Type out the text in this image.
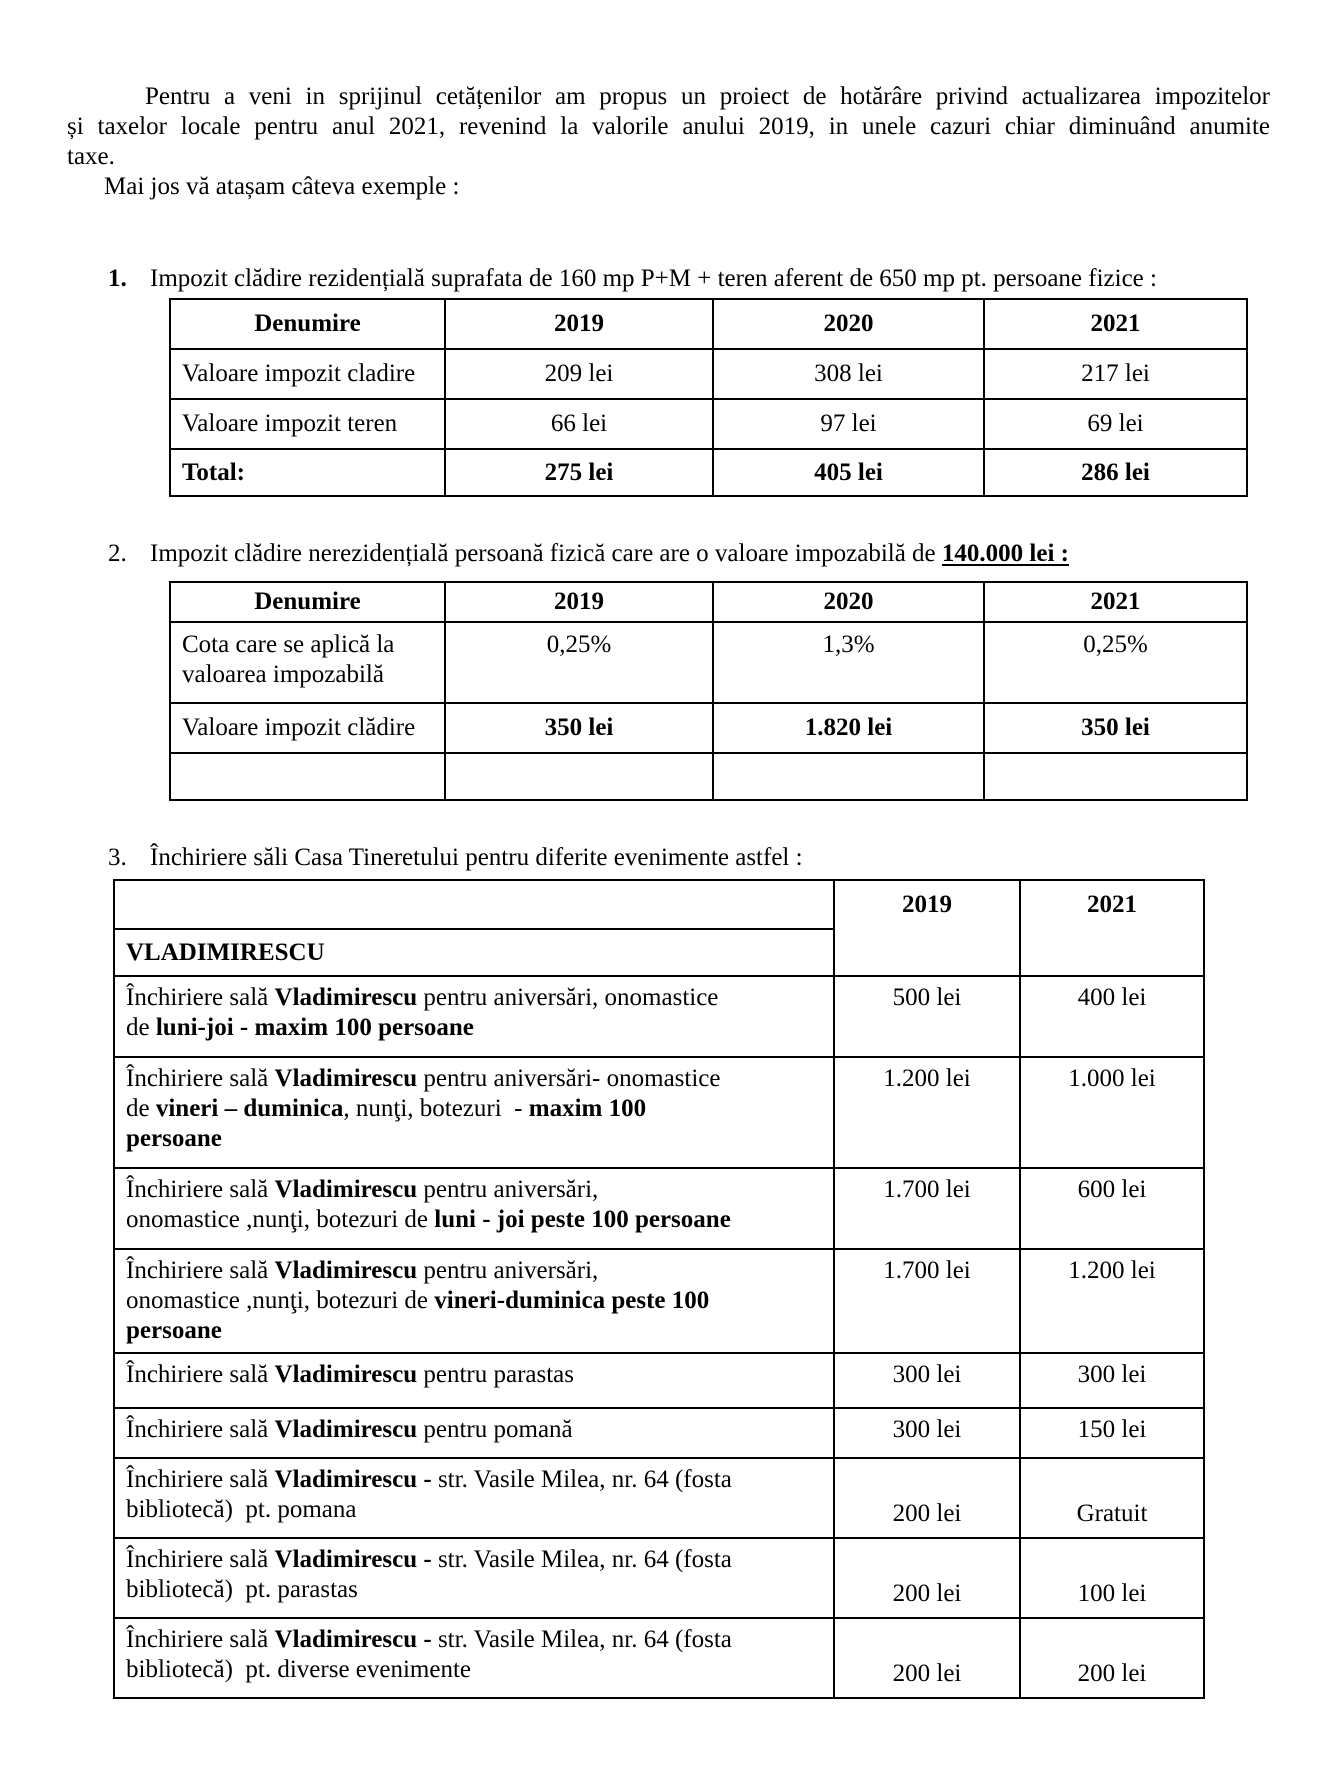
Pentru a veni in sprijinul cetățenilor am propus un proiect de hotărâre privind actualizarea impozitelor
și taxelor locale pentru anul 2021, revenind la valorile anului 2019, in unele cazuri chiar diminuând anumite
taxe.
Mai jos vă atașam câteva exemple :
1. Impozit clădire rezidențială suprafata de 160 mp P+M + teren aferent de 650 mp pt. persoane fizice :
Denumire	2019	2020	2021
Valoare impozit cladire	209 lei	308 lei	217 lei
Valoare impozit teren	66 lei	97 lei	69 lei
Total:	275 lei	405 lei	286 lei
2. Impozit clădire nerezidențială persoană fizică care are o valoare impozabilă de 140.000 lei :
Denumire	2019	2020	2021
Cota care se aplică la valoarea impozabilă	0,25%	1,3%	0,25%
Valoare impozit clădire	350 lei	1.820 lei	350 lei

3. Închiriere săli Casa Tineretului pentru diferite evenimente astfel :
	2019	2021
VLADIMIRESCU		
Închiriere sală Vladimirescu pentru aniversări, onomastice
de luni-joi - maxim 100 persoane	500 lei	400 lei
Închiriere sală Vladimirescu pentru aniversări- onomastice
de vineri – duminica, nunţi, botezuri  - maxim 100
persoane	1.200 lei	1.000 lei
Închiriere sală Vladimirescu pentru aniversări,
onomastice ,nunţi, botezuri de luni - joi peste 100 persoane	1.700 lei	600 lei
Închiriere sală Vladimirescu pentru aniversări,
onomastice ,nunţi, botezuri de vineri-duminica peste 100
persoane	1.700 lei	1.200 lei
Închiriere sală Vladimirescu pentru parastas	300 lei	300 lei
Închiriere sală Vladimirescu pentru pomană	300 lei	150 lei
Închiriere sală Vladimirescu - str. Vasile Milea, nr. 64 (fosta
bibliotecă)  pt. pomana	200 lei	Gratuit
Închiriere sală Vladimirescu - str. Vasile Milea, nr. 64 (fosta
bibliotecă)  pt. parastas	200 lei	100 lei
Închiriere sală Vladimirescu - str. Vasile Milea, nr. 64 (fosta
bibliotecă)  pt. diverse evenimente	200 lei	200 lei
